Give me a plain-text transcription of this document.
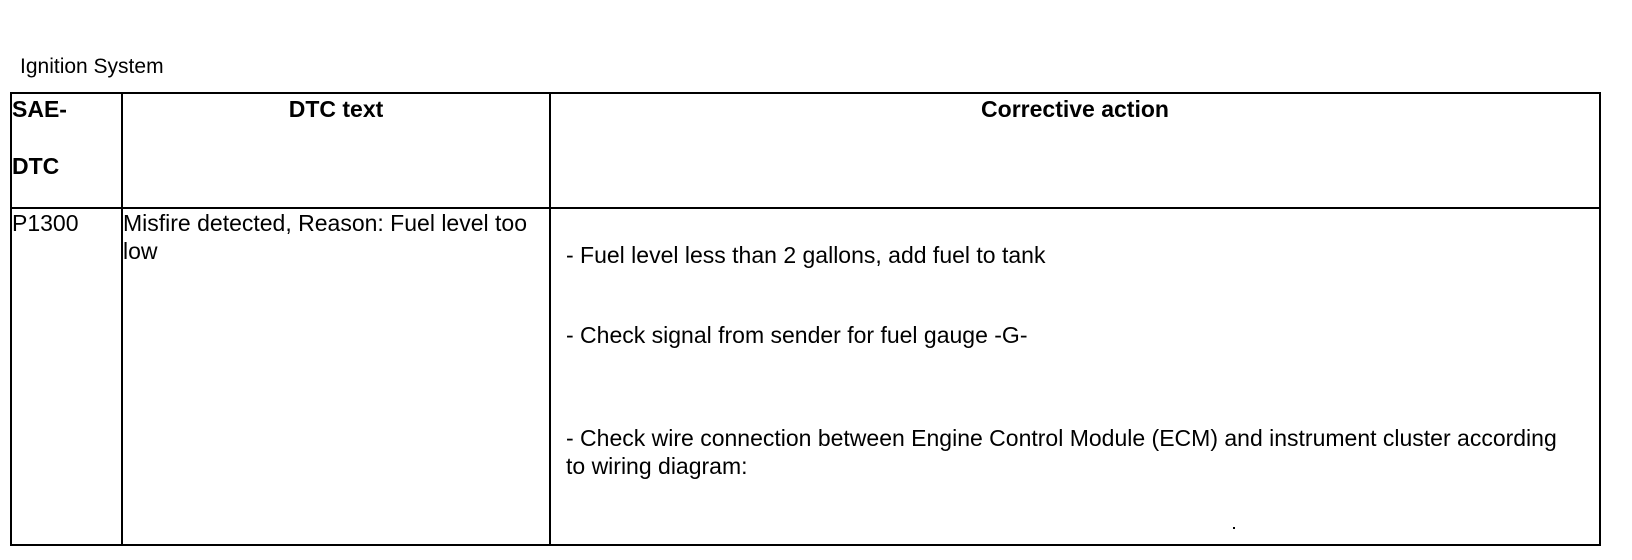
Ignition System
SAE-
DTC	DTC text	Corrective action
P1300	Misfire detected, Reason: Fuel level too low	- Fuel level less than 2 gallons, add fuel to tank
- Check signal from sender for fuel gauge -G-
- Check wire connection between Engine Control Module (ECM) and instrument cluster according to wiring diagram:
